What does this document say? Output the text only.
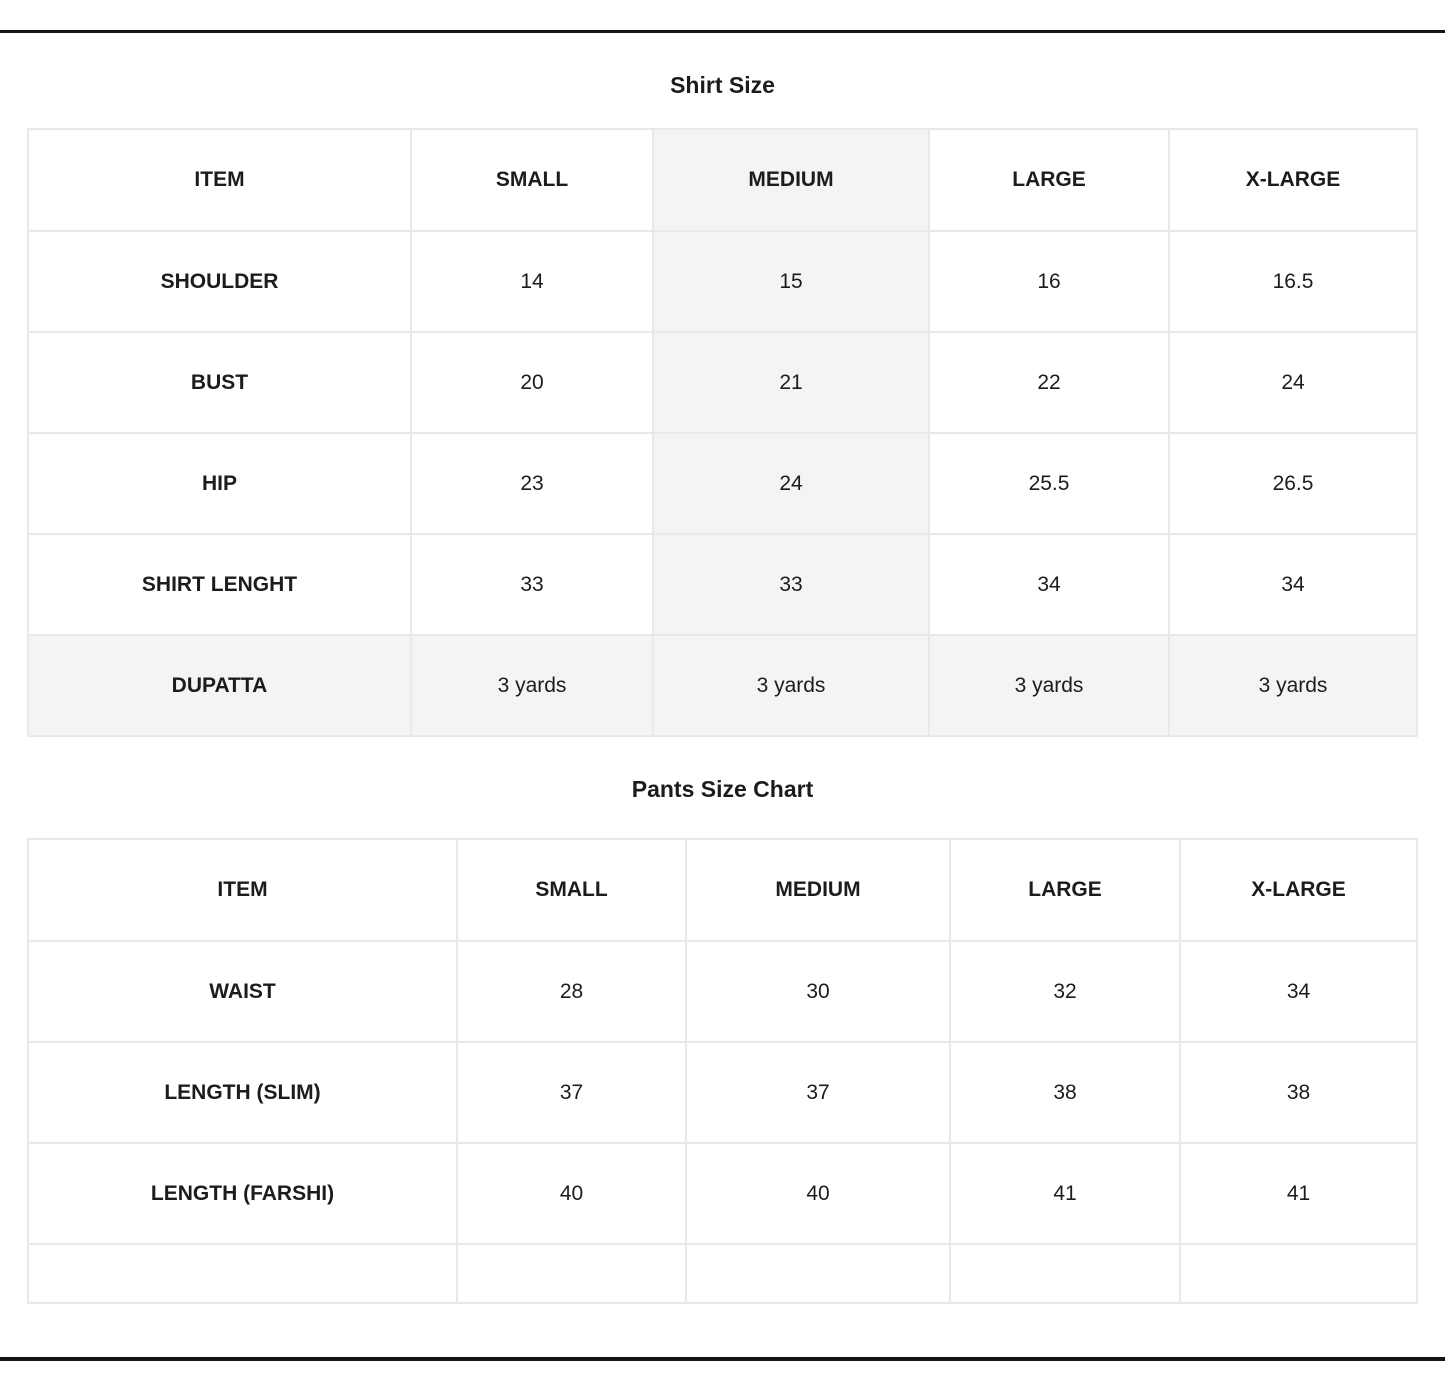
Shirt Size
ITEM	SMALL	MEDIUM	LARGE	X-LARGE
SHOULDER	14	15	16	16.5
BUST	20	21	22	24
HIP	23	24	25.5	26.5
SHIRT LENGHT	33	33	34	34
DUPATTA	3 yards	3 yards	3 yards	3 yards
Pants Size Chart
ITEM	SMALL	MEDIUM	LARGE	X-LARGE
WAIST	28	30	32	34
LENGTH (SLIM)	37	37	38	38
LENGTH (FARSHI)	40	40	41	41
